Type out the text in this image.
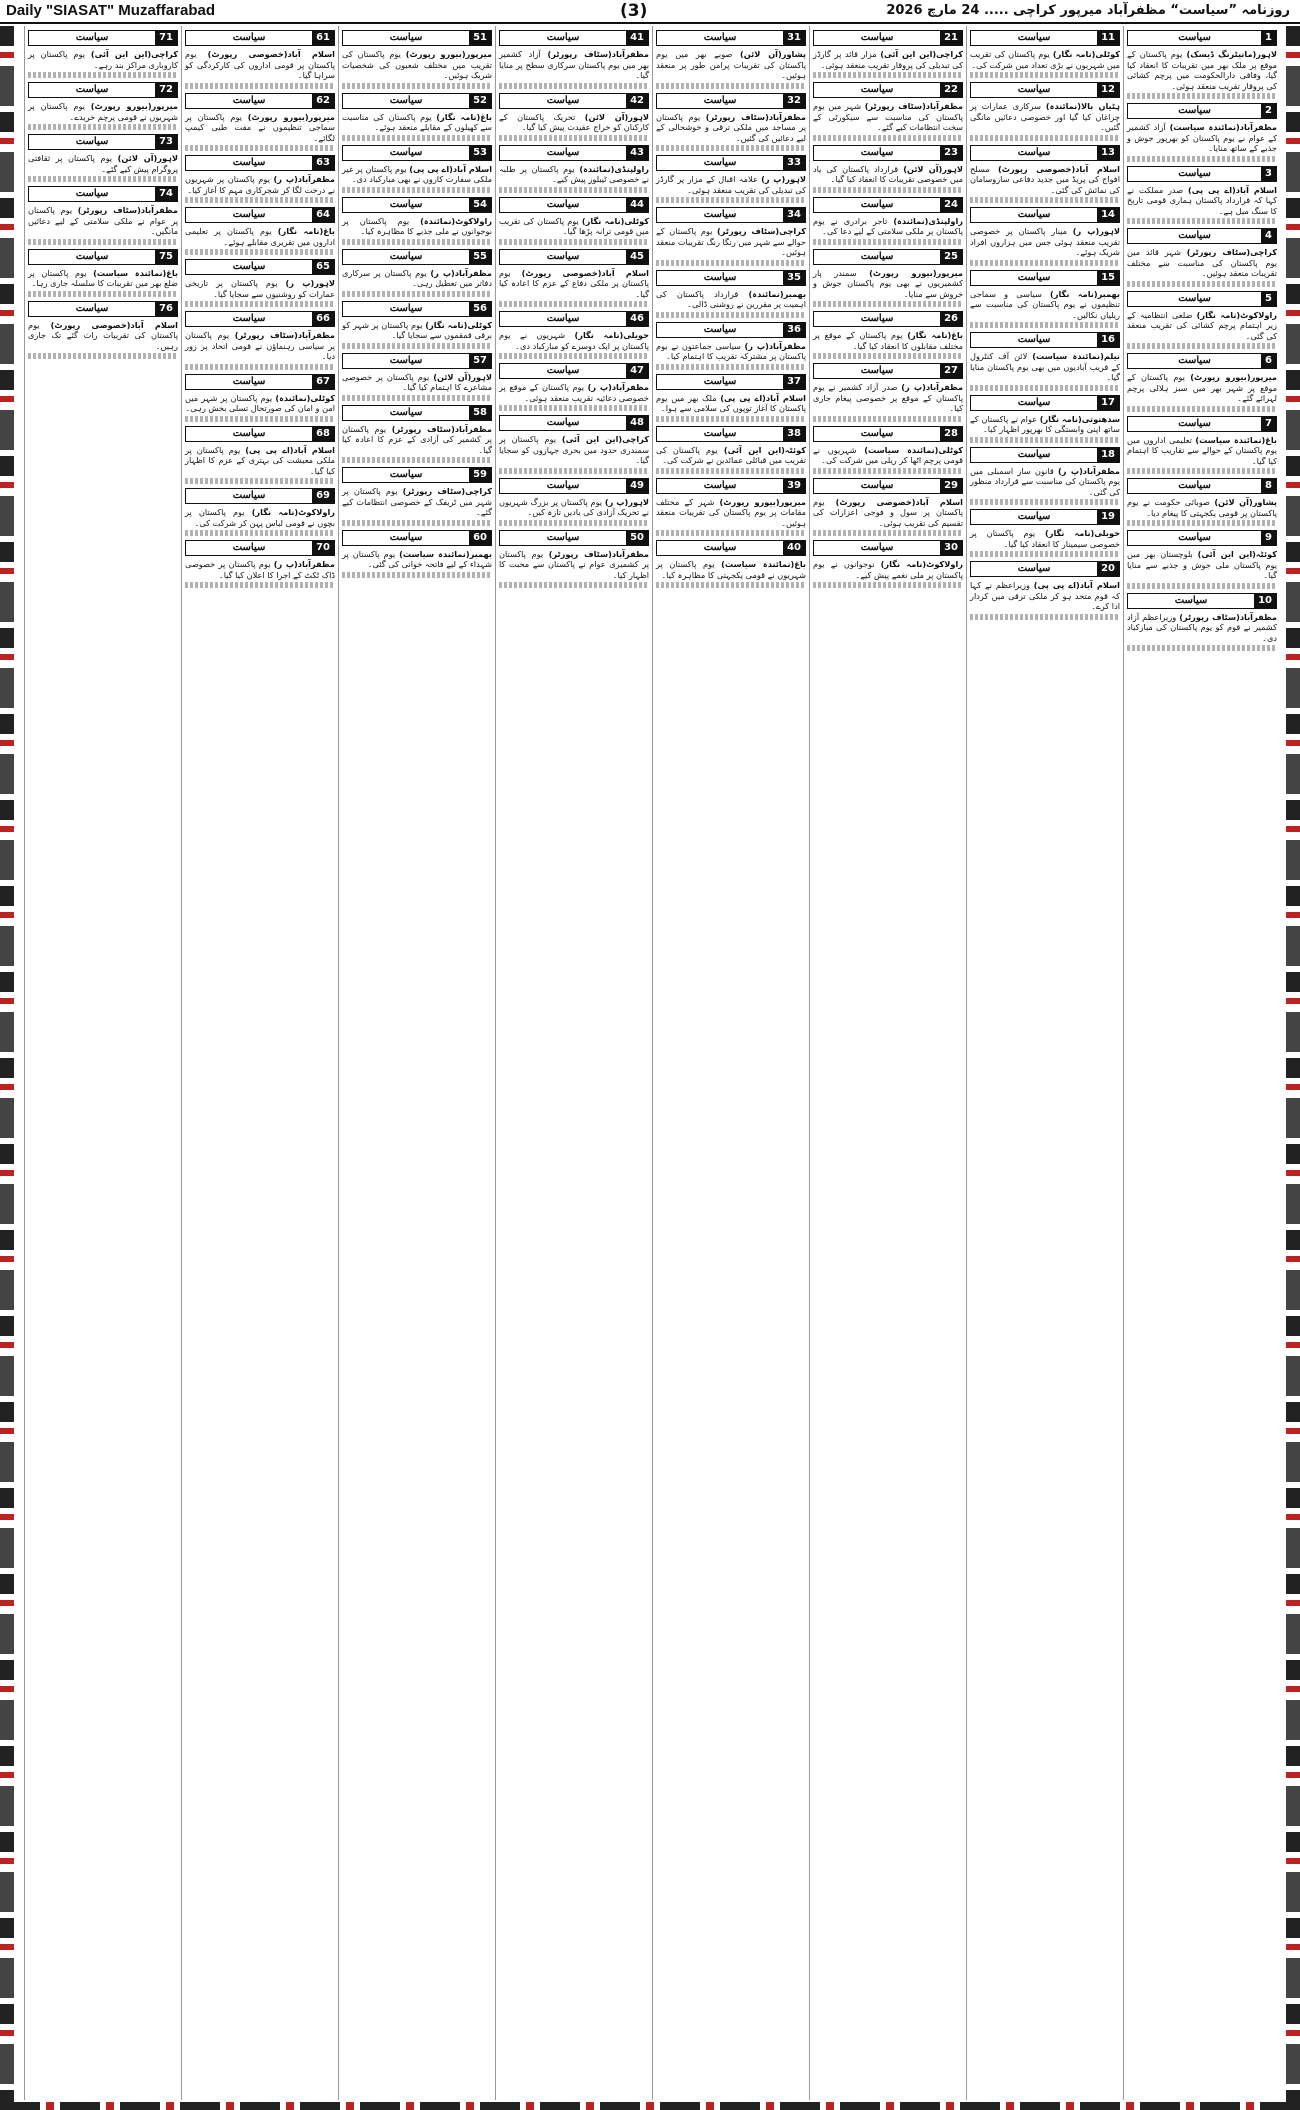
Daily "SIASAT" Muzaffarabad	(3)	روزنامہ ”سیاست“ مظفرآباد میرپور کراچی ..... 24 مارچ 2026
سیاست	1
لاہور(مانیٹرنگ ڈیسک) یوم پاکستان کے موقع پر ملک بھر میں تقریبات کا انعقاد کیا گیا، وفاقی دارالحکومت میں پرچم کشائی کی پروقار تقریب منعقد ہوئی۔
سیاست	2
مظفرآباد(نمائندہ سیاست) آزاد کشمیر کے عوام نے یوم پاکستان کو بھرپور جوش و جذبے کے ساتھ منایا۔
سیاست	3
اسلام آباد(اے پی پی) صدر مملکت نے کہا کہ قرارداد پاکستان ہماری قومی تاریخ کا سنگ میل ہے۔
سیاست	4
کراچی(سٹاف رپورٹر) شہر قائد میں یوم پاکستان کی مناسبت سے مختلف تقریبات منعقد ہوئیں۔
سیاست	5
راولاکوٹ(نامہ نگار) ضلعی انتظامیہ کے زیر اہتمام پرچم کشائی کی تقریب منعقد کی گئی۔
سیاست	6
میرپور(بیورو رپورٹ) یوم پاکستان کے موقع پر شہر بھر میں سبز ہلالی پرچم لہرائے گئے۔
سیاست	7
باغ(نمائندہ سیاست) تعلیمی اداروں میں یوم پاکستان کے حوالے سے تقاریب کا اہتمام کیا گیا۔
سیاست	8
پشاور(آن لائن) صوبائی حکومت نے یوم پاکستان پر قومی یکجہتی کا پیغام دیا۔
سیاست	9
کوئٹہ(این این آئی) بلوچستان بھر میں یوم پاکستان ملی جوش و جذبے سے منایا گیا۔
سیاست	10
مظفرآباد(سٹاف رپورٹر) وزیراعظم آزاد کشمیر نے قوم کو یوم پاکستان کی مبارکباد دی۔
سیاست	11
کوٹلی(نامہ نگار) یوم پاکستان کی تقریب میں شہریوں نے بڑی تعداد میں شرکت کی۔
سیاست	12
ہٹیاں بالا(نمائندہ) سرکاری عمارات پر چراغاں کیا گیا اور خصوصی دعائیں مانگی گئیں۔
سیاست	13
اسلام آباد(خصوصی رپورٹ) مسلح افواج کی پریڈ میں جدید دفاعی سازوسامان کی نمائش کی گئی۔
سیاست	14
لاہور(پ ر) مینار پاکستان پر خصوصی تقریب منعقد ہوئی جس میں ہزاروں افراد شریک ہوئے۔
سیاست	15
بھمبر(نامہ نگار) سیاسی و سماجی تنظیموں نے یوم پاکستان کی مناسبت سے ریلیاں نکالیں۔
سیاست	16
نیلم(نمائندہ سیاست) لائن آف کنٹرول کے قریب آبادیوں میں بھی یوم پاکستان منایا گیا۔
سیاست	17
سدھنوتی(نامہ نگار) عوام نے پاکستان کے ساتھ اپنی وابستگی کا بھرپور اظہار کیا۔
سیاست	18
مظفرآباد(پ ر) قانون ساز اسمبلی میں یوم پاکستان کی مناسبت سے قرارداد منظور کی گئی۔
سیاست	19
حویلی(نامہ نگار) یوم پاکستان پر خصوصی سیمینار کا انعقاد کیا گیا۔
سیاست	20
اسلام آباد(اے پی پی) وزیراعظم نے کہا کہ قوم متحد ہو کر ملکی ترقی میں کردار ادا کرے۔
سیاست	21
کراچی(این این آئی) مزار قائد پر گارڈز کی تبدیلی کی پروقار تقریب منعقد ہوئی۔
سیاست	22
مظفرآباد(سٹاف رپورٹر) شہر میں یوم پاکستان کی مناسبت سے سیکورٹی کے سخت انتظامات کیے گئے۔
سیاست	23
لاہور(آن لائن) قرارداد پاکستان کی یاد میں خصوصی تقریبات کا انعقاد کیا گیا۔
سیاست	24
راولپنڈی(نمائندہ) تاجر برادری نے یوم پاکستان پر ملکی سلامتی کے لیے دعا کی۔
سیاست	25
میرپور(بیورو رپورٹ) سمندر پار کشمیریوں نے بھی یوم پاکستان جوش و خروش سے منایا۔
سیاست	26
باغ(نامہ نگار) یوم پاکستان کے موقع پر مختلف مقابلوں کا انعقاد کیا گیا۔
سیاست	27
مظفرآباد(پ ر) صدر آزاد کشمیر نے یوم پاکستان کے موقع پر خصوصی پیغام جاری کیا۔
سیاست	28
کوٹلی(نمائندہ سیاست) شہریوں نے قومی پرچم اٹھا کر ریلی میں شرکت کی۔
سیاست	29
اسلام آباد(خصوصی رپورٹ) یوم پاکستان پر سول و فوجی اعزازات کی تقسیم کی تقریب ہوئی۔
سیاست	30
راولاکوٹ(نامہ نگار) نوجوانوں نے یوم پاکستان پر ملی نغمے پیش کیے۔
سیاست	31
پشاور(آن لائن) صوبے بھر میں یوم پاکستان کی تقریبات پرامن طور پر منعقد ہوئیں۔
سیاست	32
مظفرآباد(سٹاف رپورٹر) یوم پاکستان پر مساجد میں ملکی ترقی و خوشحالی کے لیے دعائیں کی گئیں۔
سیاست	33
لاہور(پ ر) علامہ اقبال کے مزار پر گارڈز کی تبدیلی کی تقریب منعقد ہوئی۔
سیاست	34
کراچی(سٹاف رپورٹر) یوم پاکستان کے حوالے سے شہر میں رنگا رنگ تقریبات منعقد ہوئیں۔
سیاست	35
بھمبر(نمائندہ) قرارداد پاکستان کی اہمیت پر مقررین نے روشنی ڈالی۔
سیاست	36
مظفرآباد(پ ر) سیاسی جماعتوں نے یوم پاکستان پر مشترکہ تقریب کا اہتمام کیا۔
سیاست	37
اسلام آباد(اے پی پی) ملک بھر میں یوم پاکستان کا آغاز توپوں کی سلامی سے ہوا۔
سیاست	38
کوئٹہ(این این آئی) یوم پاکستان کی تقریب میں قبائلی عمائدین نے شرکت کی۔
سیاست	39
میرپور(بیورو رپورٹ) شہر کے مختلف مقامات پر یوم پاکستان کی تقریبات منعقد ہوئیں۔
سیاست	40
باغ(نمائندہ سیاست) یوم پاکستان پر شہریوں نے قومی یکجہتی کا مظاہرہ کیا۔
سیاست	41
مظفرآباد(سٹاف رپورٹر) آزاد کشمیر بھر میں یوم پاکستان سرکاری سطح پر منایا گیا۔
سیاست	42
لاہور(آن لائن) تحریک پاکستان کے کارکنان کو خراج عقیدت پیش کیا گیا۔
سیاست	43
راولپنڈی(نمائندہ) یوم پاکستان پر طلبہ نے خصوصی ٹیبلوز پیش کیے۔
سیاست	44
کوٹلی(نامہ نگار) یوم پاکستان کی تقریب میں قومی ترانہ پڑھا گیا۔
سیاست	45
اسلام آباد(خصوصی رپورٹ) یوم پاکستان پر ملکی دفاع کے عزم کا اعادہ کیا گیا۔
سیاست	46
حویلی(نامہ نگار) شہریوں نے یوم پاکستان پر ایک دوسرے کو مبارکباد دی۔
سیاست	47
مظفرآباد(پ ر) یوم پاکستان کے موقع پر خصوصی دعائیہ تقریب منعقد ہوئی۔
سیاست	48
کراچی(این این آئی) یوم پاکستان پر سمندری حدود میں بحری جہازوں کو سجایا گیا۔
سیاست	49
لاہور(پ ر) یوم پاکستان پر بزرگ شہریوں نے تحریک آزادی کی یادیں تازہ کیں۔
سیاست	50
مظفرآباد(سٹاف رپورٹر) یوم پاکستان پر کشمیری عوام نے پاکستان سے محبت کا اظہار کیا۔
سیاست	51
میرپور(بیورو رپورٹ) یوم پاکستان کی تقریب میں مختلف شعبوں کی شخصیات شریک ہوئیں۔
سیاست	52
باغ(نامہ نگار) یوم پاکستان کی مناسبت سے کھیلوں کے مقابلے منعقد ہوئے۔
سیاست	53
اسلام آباد(اے پی پی) یوم پاکستان پر غیر ملکی سفارت کاروں نے بھی مبارکباد دی۔
سیاست	54
راولاکوٹ(نمائندہ) یوم پاکستان پر نوجوانوں نے ملی جذبے کا مظاہرہ کیا۔
سیاست	55
مظفرآباد(پ ر) یوم پاکستان پر سرکاری دفاتر میں تعطیل رہی۔
سیاست	56
کوٹلی(نامہ نگار) یوم پاکستان پر شہر کو برقی قمقموں سے سجایا گیا۔
سیاست	57
لاہور(آن لائن) یوم پاکستان پر خصوصی مشاعرے کا اہتمام کیا گیا۔
سیاست	58
مظفرآباد(سٹاف رپورٹر) یوم پاکستان پر کشمیر کی آزادی کے عزم کا اعادہ کیا گیا۔
سیاست	59
کراچی(سٹاف رپورٹر) یوم پاکستان پر شہر میں ٹریفک کے خصوصی انتظامات کیے گئے۔
سیاست	60
بھمبر(نمائندہ سیاست) یوم پاکستان پر شہداء کے لیے فاتحہ خوانی کی گئی۔
سیاست	61
اسلام آباد(خصوصی رپورٹ) یوم پاکستان پر قومی اداروں کی کارکردگی کو سراہا گیا۔
سیاست	62
میرپور(بیورو رپورٹ) یوم پاکستان پر سماجی تنظیموں نے مفت طبی کیمپ لگائے۔
سیاست	63
مظفرآباد(پ ر) یوم پاکستان پر شہریوں نے درخت لگا کر شجرکاری مہم کا آغاز کیا۔
سیاست	64
باغ(نامہ نگار) یوم پاکستان پر تعلیمی اداروں میں تقریری مقابلے ہوئے۔
سیاست	65
لاہور(پ ر) یوم پاکستان پر تاریخی عمارات کو روشنیوں سے سجایا گیا۔
سیاست	66
مظفرآباد(سٹاف رپورٹر) یوم پاکستان پر سیاسی رہنماؤں نے قومی اتحاد پر زور دیا۔
سیاست	67
کوٹلی(نمائندہ) یوم پاکستان پر شہر میں امن و امان کی صورتحال تسلی بخش رہی۔
سیاست	68
اسلام آباد(اے پی پی) یوم پاکستان پر ملکی معیشت کی بہتری کے عزم کا اظہار کیا گیا۔
سیاست	69
راولاکوٹ(نامہ نگار) یوم پاکستان پر بچوں نے قومی لباس پہن کر شرکت کی۔
سیاست	70
مظفرآباد(پ ر) یوم پاکستان پر خصوصی ڈاک ٹکٹ کے اجرا کا اعلان کیا گیا۔
سیاست	71
کراچی(این این آئی) یوم پاکستان پر کاروباری مراکز بند رہے۔
سیاست	72
میرپور(بیورو رپورٹ) یوم پاکستان پر شہریوں نے قومی پرچم خریدے۔
سیاست	73
لاہور(آن لائن) یوم پاکستان پر ثقافتی پروگرام پیش کیے گئے۔
سیاست	74
مظفرآباد(سٹاف رپورٹر) یوم پاکستان پر عوام نے ملکی سلامتی کے لیے دعائیں مانگیں۔
سیاست	75
باغ(نمائندہ سیاست) یوم پاکستان پر ضلع بھر میں تقریبات کا سلسلہ جاری رہا۔
سیاست	76
اسلام آباد(خصوصی رپورٹ) یوم پاکستان کی تقریبات رات گئے تک جاری رہیں۔
